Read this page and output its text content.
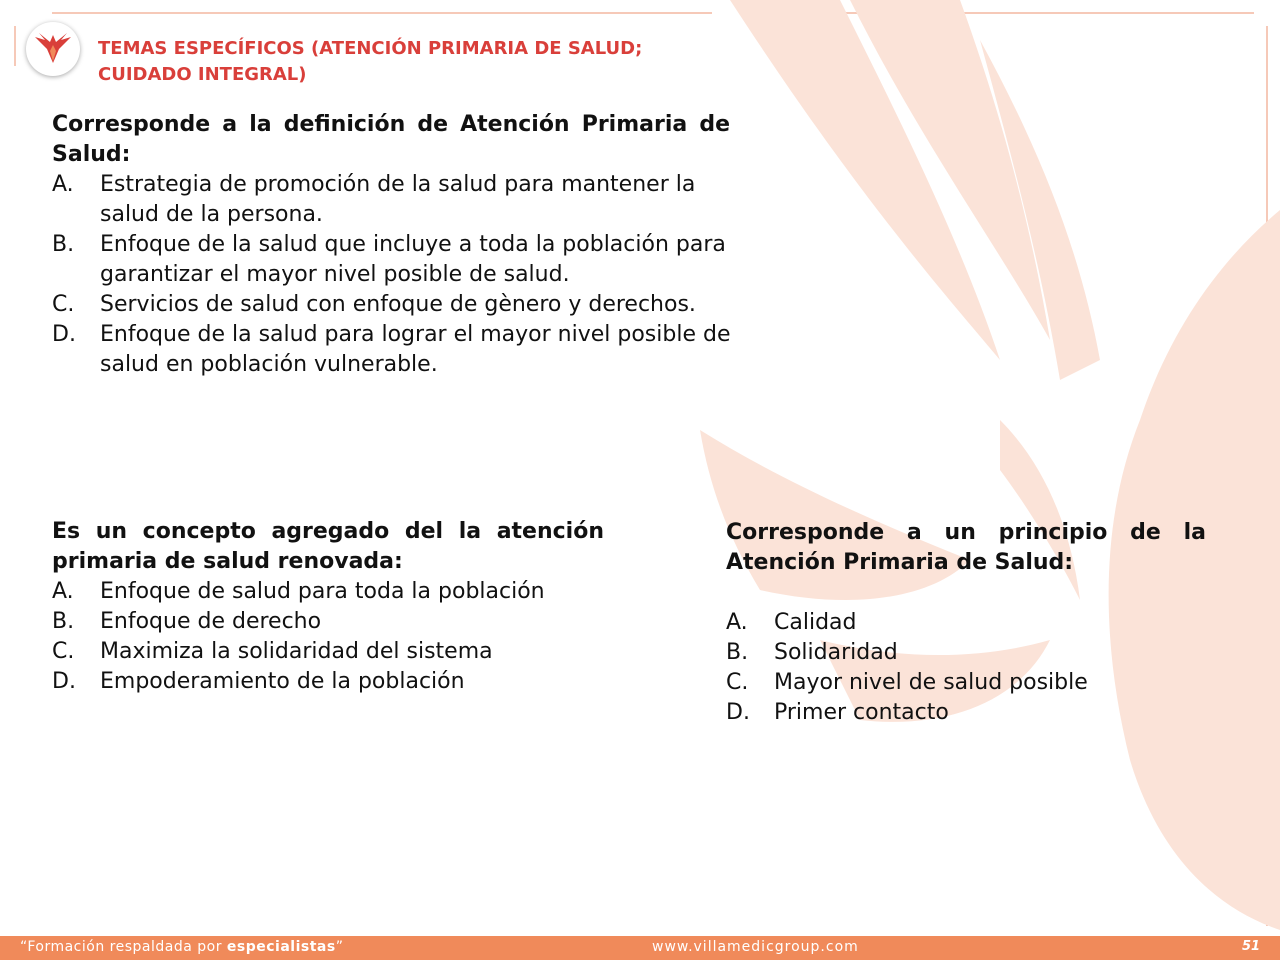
TEMAS ESPECÍFICOS (ATENCIÓN PRIMARIA DE SALUD;
CUIDADO INTEGRAL)
Corresponde a la definición de Atención Primaria de Salud:
A.	Estrategia de promoción de la salud para mantener la salud de la persona.
B.	Enfoque de la salud que incluye a toda la población para garantizar el mayor nivel posible de salud.
C.	Servicios de salud con enfoque de gènero y derechos.
D.	Enfoque de la salud para lograr el mayor nivel posible de salud en población vulnerable.
Es un concepto agregado del la atención primaria de salud renovada:
A.	Enfoque de salud para toda la población
B.	Enfoque de derecho
C.	Maximiza la solidaridad del sistema
D.	Empoderamiento de la población
Corresponde a un principio de la Atención Primaria de Salud:
A.	Calidad
B.	Solidaridad
C.	Mayor nivel de salud posible
D.	Primer contacto
“Formación respaldada por especialistas”	www.villamedicgroup.com	51
